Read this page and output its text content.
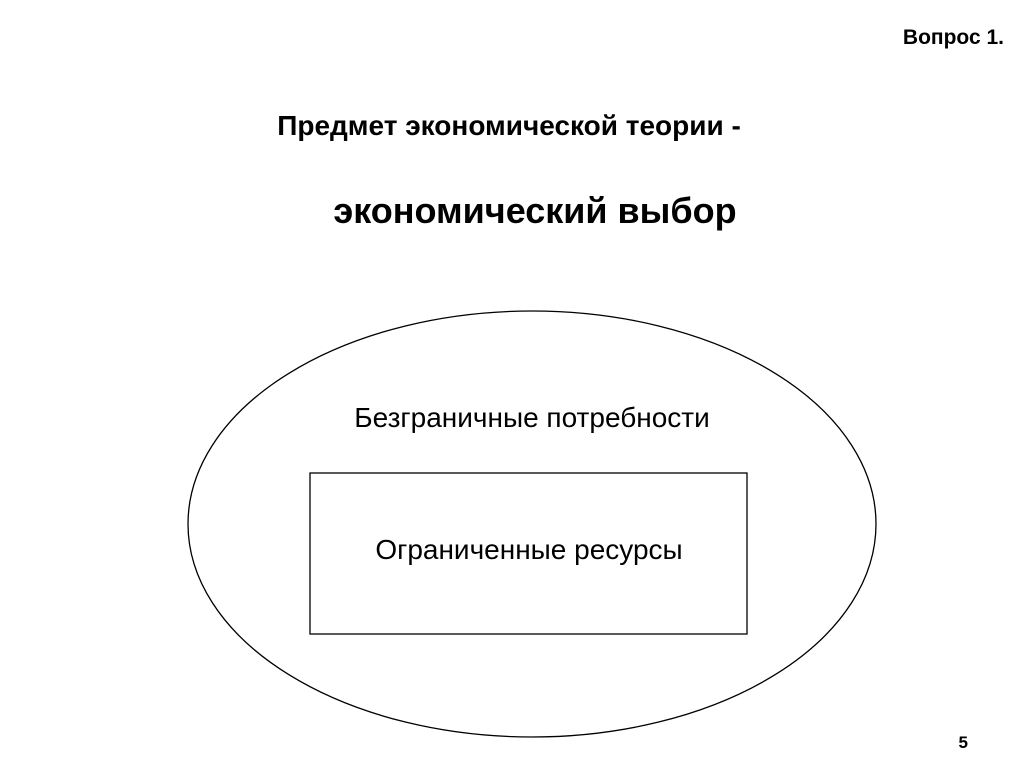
Вопрос 1.
Предмет экономической теории -
экономический выбор
Безграничные потребности
Ограниченные ресурсы
5
